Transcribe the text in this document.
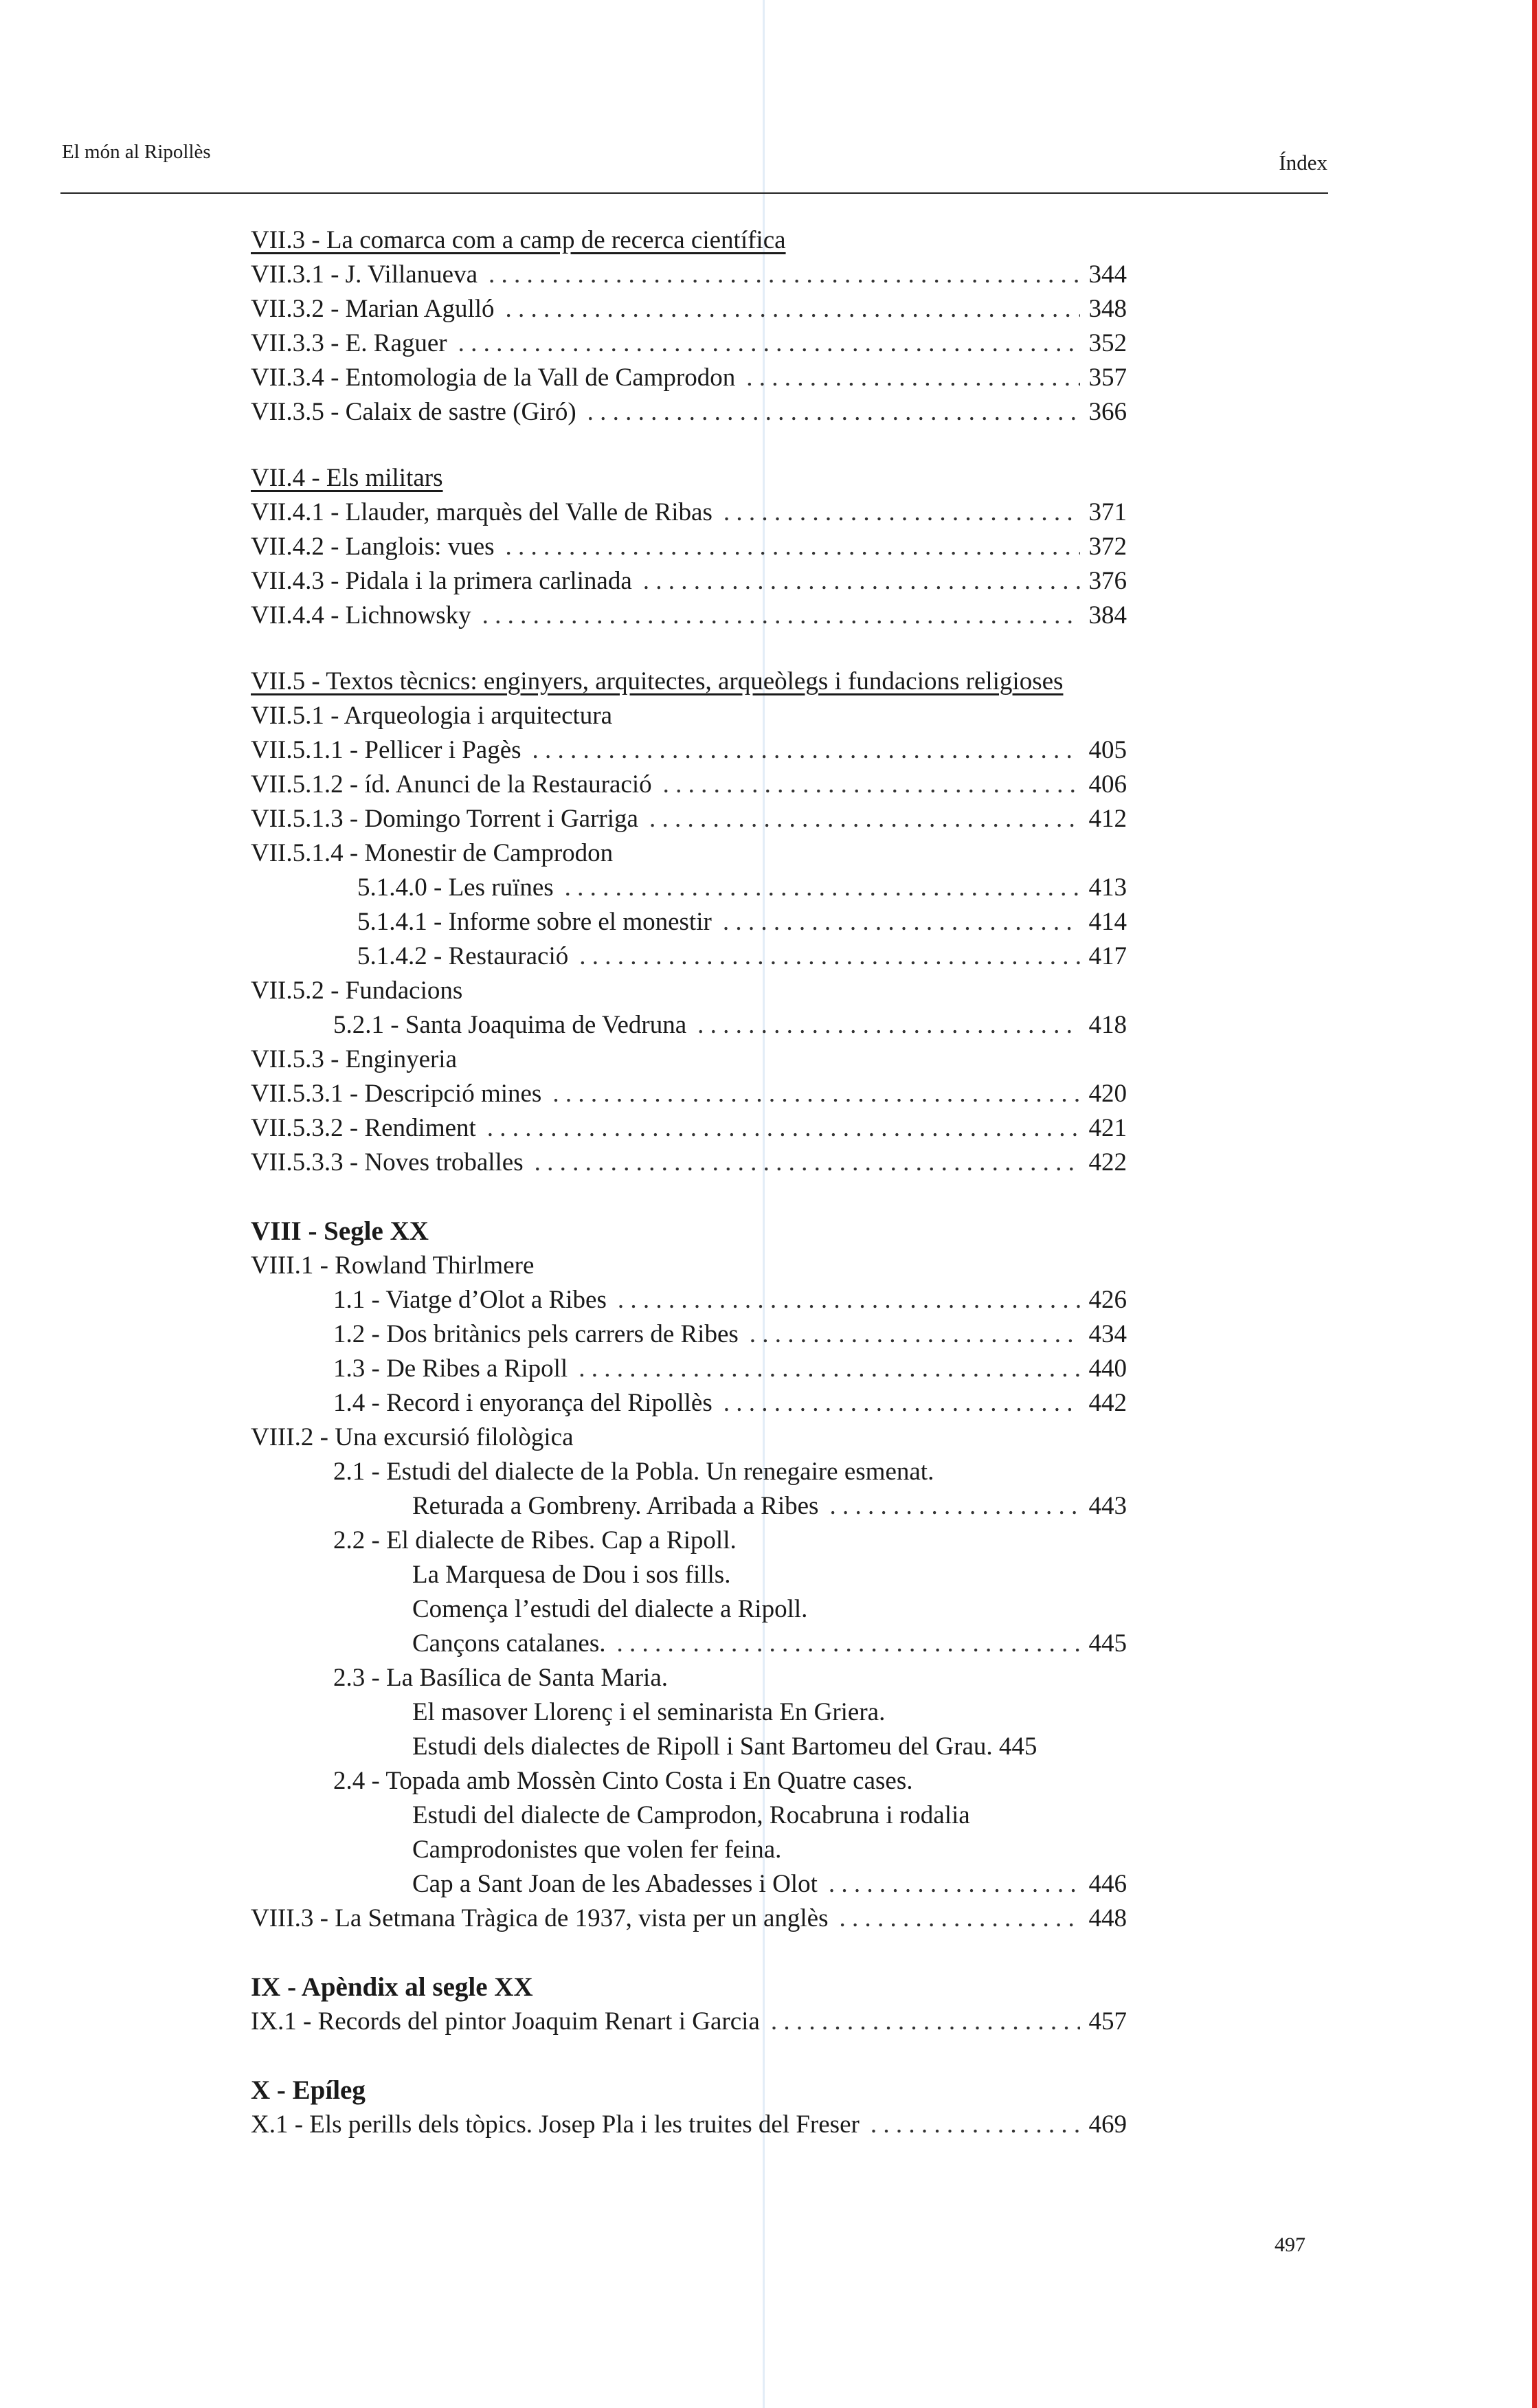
El món al Ripollès	Índex
VII.3 - La comarca com a camp de recerca científica
VII.3.1 - J. Villanueva . . .	344
VII.3.2 - Marian Agulló . . .	348
VII.3.3 - E. Raguer . . .	352
VII.3.4 - Entomologia de la Vall de Camprodon . . .	357
VII.3.5 - Calaix de sastre (Giró) . . .	366
VII.4 - Els militars
VII.4.1 - Llauder, marquès del Valle de Ribas . . .	371
VII.4.2 - Langlois: vues . . .	372
VII.4.3 - Pidala i la primera carlinada . . .	376
VII.4.4 - Lichnowsky . . .	384
VII.5 - Textos tècnics: enginyers, arquitectes, arqueòlegs i fundacions religioses
VII.5.1 - Arqueologia i arquitectura
VII.5.1.1 - Pellicer i Pagès . . .	405
VII.5.1.2 - íd. Anunci de la Restauració . . .	406
VII.5.1.3 - Domingo Torrent i Garriga . . .	412
VII.5.1.4 - Monestir de Camprodon
5.1.4.0 - Les ruïnes . . .	413
5.1.4.1 - Informe sobre el monestir . . .	414
5.1.4.2 - Restauració . . .	417
VII.5.2 - Fundacions
5.2.1 - Santa Joaquima de Vedruna . . .	418
VII.5.3 - Enginyeria
VII.5.3.1 - Descripció mines . . .	420
VII.5.3.2 - Rendiment . . .	421
VII.5.3.3 - Noves troballes . . .	422
VIII - Segle XX
VIII.1 - Rowland Thirlmere
1.1 - Viatge d’Olot a Ribes . . .	426
1.2 - Dos britànics pels carrers de Ribes . . .	434
1.3 - De Ribes a Ripoll . . .	440
1.4 - Record i enyorança del Ripollès . . .	442
VIII.2 - Una excursió filològica
2.1 - Estudi del dialecte de la Pobla. Un renegaire esmenat.
Returada a Gombreny. Arribada a Ribes . . .	443
2.2 - El dialecte de Ribes. Cap a Ripoll.
La Marquesa de Dou i sos fills.
Comença l’estudi del dialecte a Ripoll.
Cançons catalanes. . . .	445
2.3 - La Basílica de Santa Maria.
El masover Llorenç i el seminarista En Griera.
Estudi dels dialectes de Ripoll i Sant Bartomeu del Grau. 445
2.4 - Topada amb Mossèn Cinto Costa i En Quatre cases.
Estudi del dialecte de Camprodon, Rocabruna i rodalia
Camprodonistes que volen fer feina.
Cap a Sant Joan de les Abadesses i Olot . . .	446
VIII.3 - La Setmana Tràgica de 1937, vista per un anglès . . .	448
IX - Apèndix al segle XX
IX.1 - Records del pintor Joaquim Renart i Garcia . . .	457
X - Epíleg
X.1 - Els perills dels tòpics. Josep Pla i les truites del Freser . . .	469
497
